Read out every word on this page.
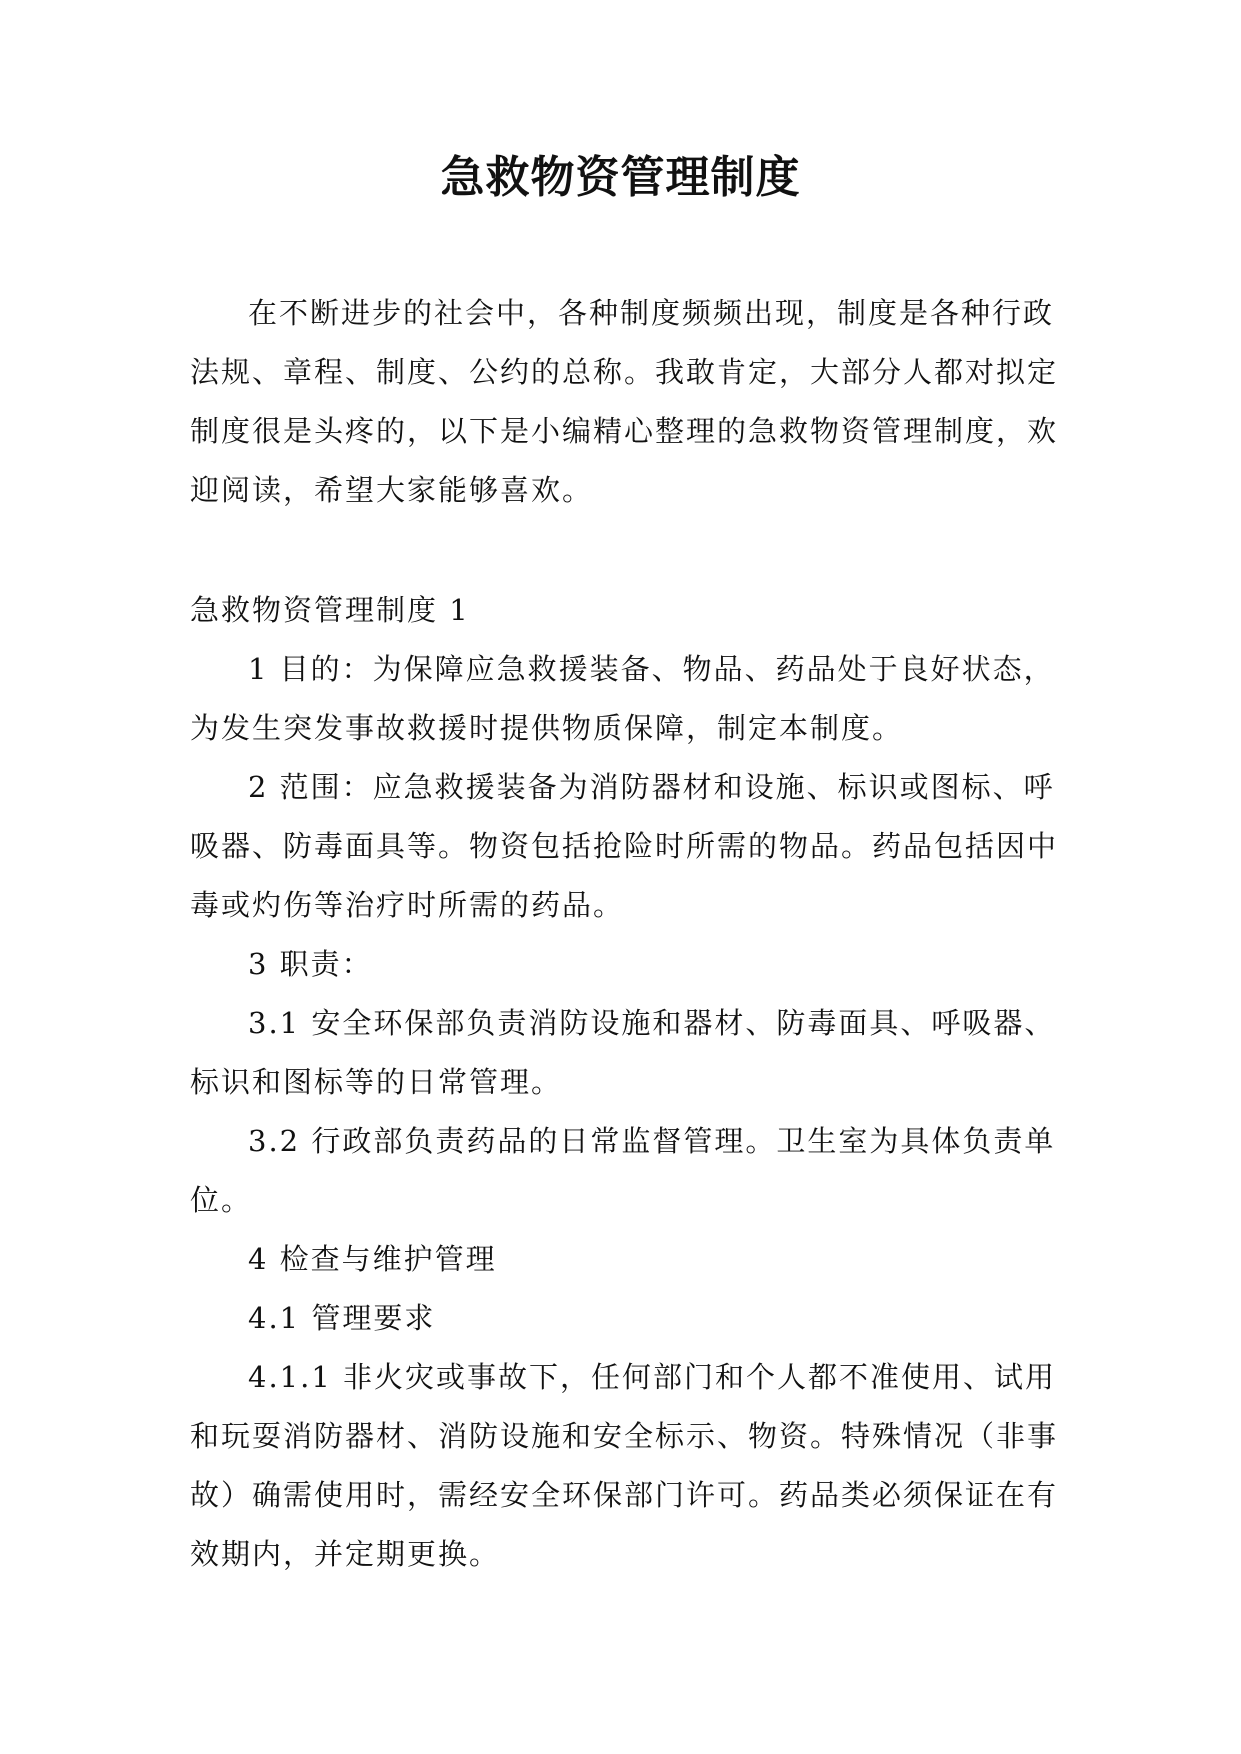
急救物资管理制度

在不断进步的社会中，各种制度频频出现，制度是各种行政法规、章程、制度、公约的总称。我敢肯定，大部分人都对拟定制度很是头疼的，以下是小编精心整理的急救物资管理制度，欢迎阅读，希望大家能够喜欢。

急救物资管理制度 1

1 目的：为保障应急救援装备、物品、药品处于良好状态，为发生突发事故救援时提供物质保障，制定本制度。

2 范围：应急救援装备为消防器材和设施、标识或图标、呼吸器、防毒面具等。物资包括抢险时所需的物品。药品包括因中毒或灼伤等治疗时所需的药品。

3 职责：

3.1 安全环保部负责消防设施和器材、防毒面具、呼吸器、标识和图标等的日常管理。

3.2 行政部负责药品的日常监督管理。卫生室为具体负责单位。

4 检查与维护管理

4.1 管理要求

4.1.1 非火灾或事故下，任何部门和个人都不准使用、试用和玩耍消防器材、消防设施和安全标示、物资。特殊情况（非事故）确需使用时，需经安全环保部门许可。药品类必须保证在有效期内，并定期更换。
